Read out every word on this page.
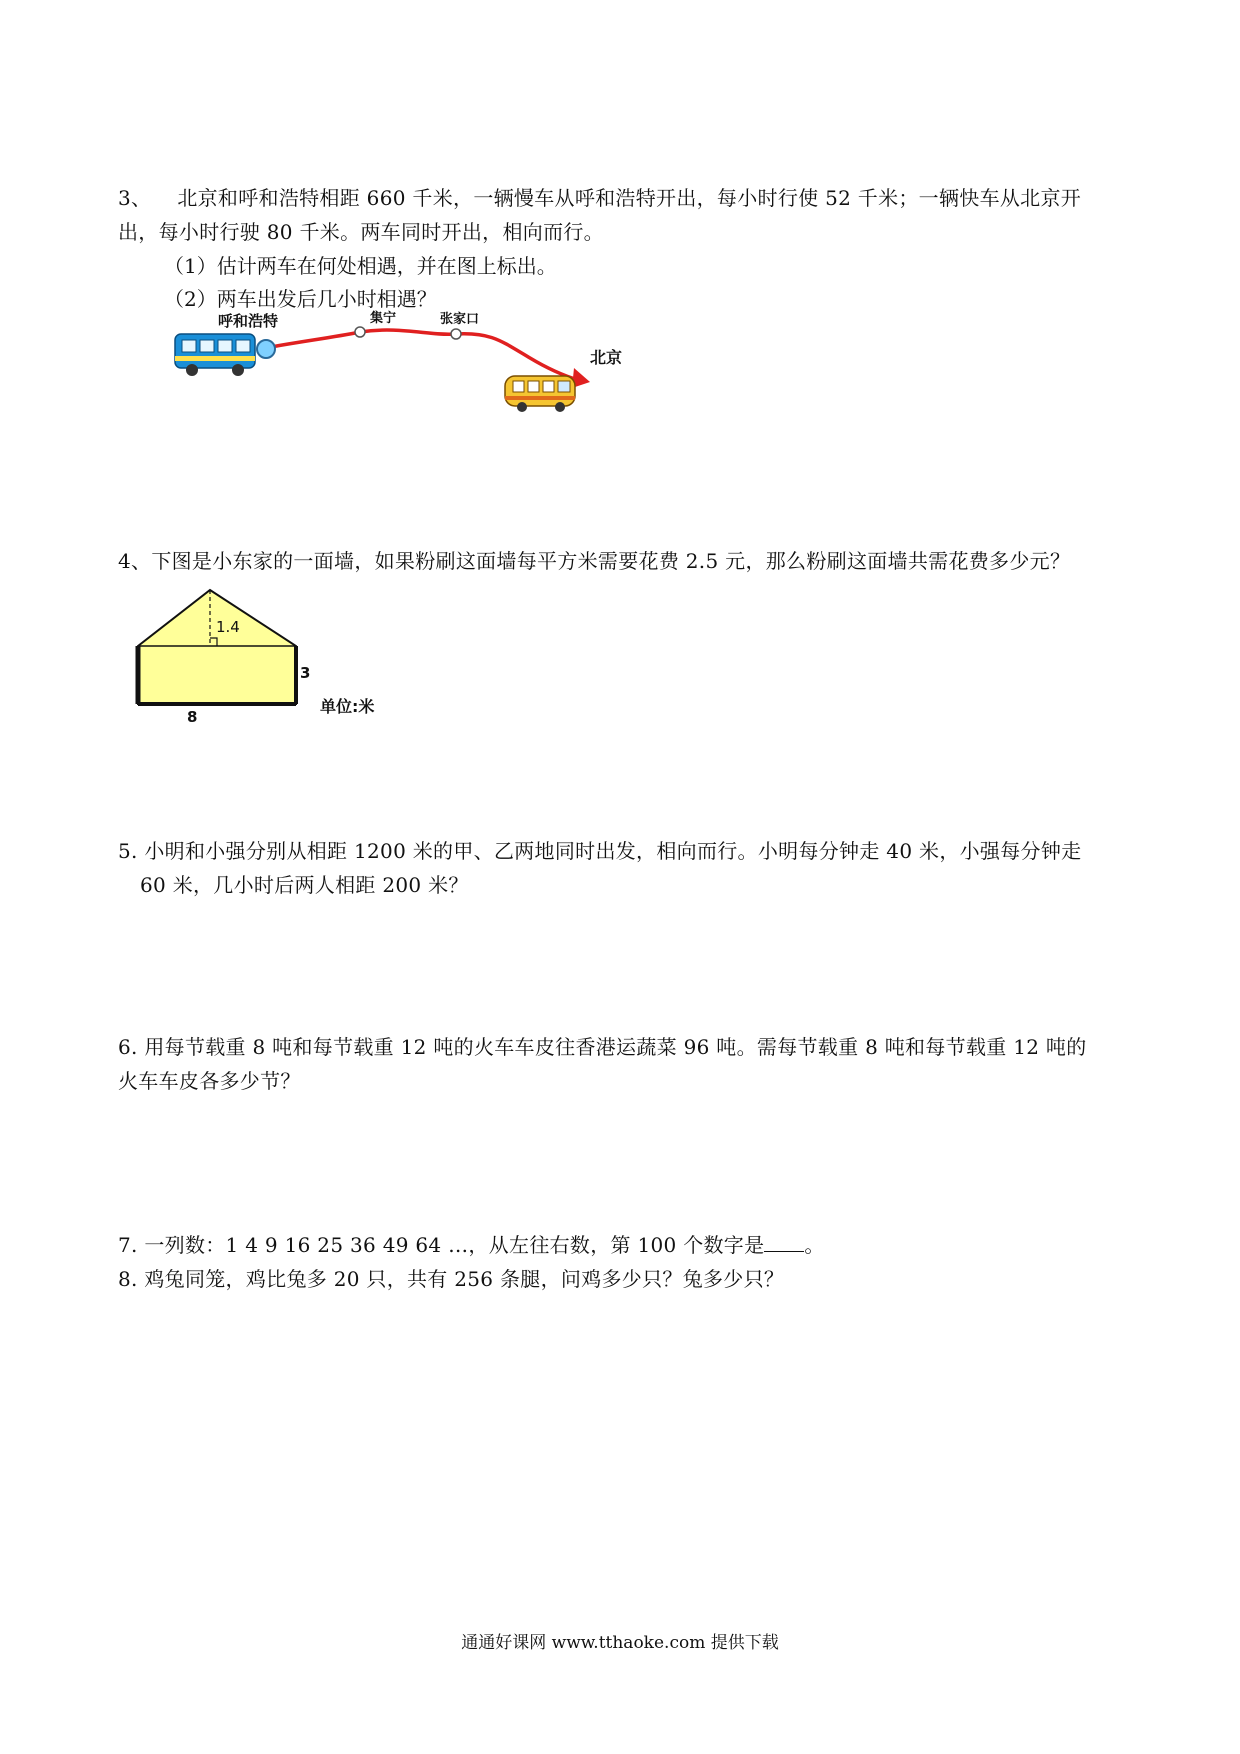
3、 北京和呼和浩特相距 660 千米，一辆慢车从呼和浩特开出，每小时行使 52 千米；一辆快车从北京开
出，每小时行驶 80 千米。两车同时开出，相向而行。
（1）估计两车在何处相遇，并在图上标出。
（2）两车出发后几小时相遇？
呼和浩特	集宁	张家口
北京
4、下图是小东家的一面墙，如果粉刷这面墙每平方米需要花费 2.5 元，那么粉刷这面墙共需花费多少元？
1.4
3
8
单位:米
5. 小明和小强分别从相距 1200 米的甲、乙两地同时出发，相向而行。小明每分钟走 40 米，小强每分钟走
60 米，几小时后两人相距 200 米？
6. 用每节载重 8 吨和每节载重 12 吨的火车车皮往香港运蔬菜 96 吨。需每节载重 8 吨和每节载重 12 吨的
火车车皮各多少节？
7. 一列数：1 4 9 16 25 36 49 64 …，从左往右数，第 100 个数字是 。
8. 鸡兔同笼，鸡比兔多 20 只，共有 256 条腿，问鸡多少只？兔多少只？
通通好课网 www.tthaoke.com 提供下载
